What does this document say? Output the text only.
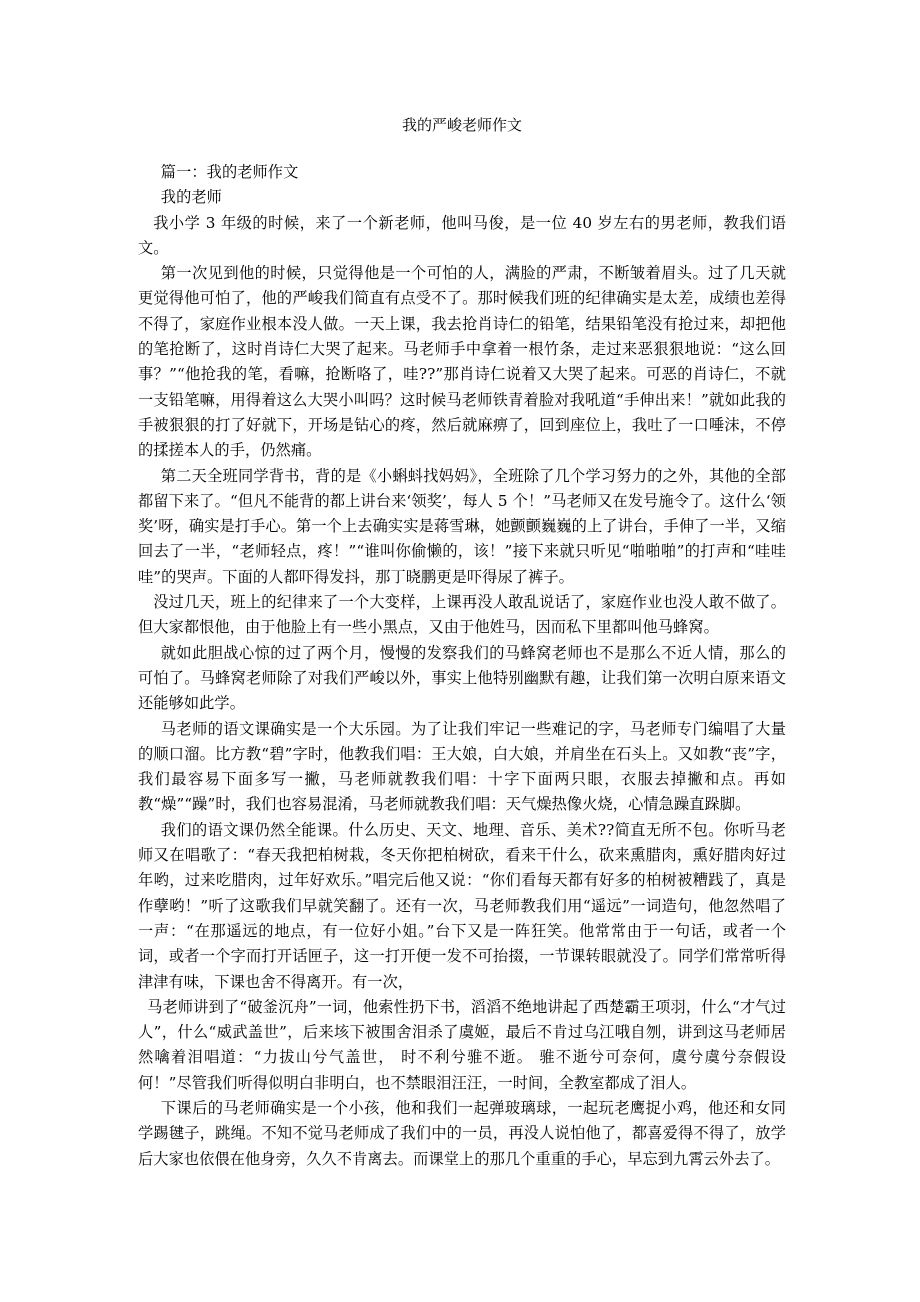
我的严峻老师作文

篇一：我的老师作文

我的老师

我小学 3 年级的时候，来了一个新老师，他叫马俊，是一位 40 岁左右的男老师，教我们语文。

第一次见到他的时候，只觉得他是一个可怕的人，满脸的严肃，不断皱着眉头。过了几天就更觉得他可怕了，他的严峻我们简直有点受不了。那时候我们班的纪律确实是太差，成绩也差得不得了，家庭作业根本没人做。一天上课，我去抢肖诗仁的铅笔，结果铅笔没有抢过来，却把他的笔抢断了，这时肖诗仁大哭了起来。马老师手中拿着一根竹条，走过来恶狠狠地说：“这么回事？”“他抢我的笔，看嘛，抢断咯了，哇??”那肖诗仁说着又大哭了起来。可恶的肖诗仁，不就一支铅笔嘛，用得着这么大哭小叫吗？这时候马老师铁青着脸对我吼道“手伸出来！”就如此我的手被狠狠的打了好就下，开场是钻心的疼，然后就麻痹了，回到座位上，我吐了一口唾沫，不停的揉搓本人的手，仍然痛。

第二天全班同学背书，背的是《小蝌蚪找妈妈》，全班除了几个学习努力的之外，其他的全部都留下来了。“但凡不能背的都上讲台来‘领奖’，每人 5 个！”马老师又在发号施令了。这什么‘领奖’呀，确实是打手心。第一个上去确实实是蒋雪琳，她颤颤巍巍的上了讲台，手伸了一半，又缩回去了一半，“老师轻点，疼！”“谁叫你偷懒的，该！”接下来就只听见“啪啪啪”的打声和“哇哇哇”的哭声。下面的人都吓得发抖，那丁晓鹏更是吓得尿了裤子。

没过几天，班上的纪律来了一个大变样，上课再没人敢乱说话了，家庭作业也没人敢不做了。但大家都恨他，由于他脸上有一些小黑点，又由于他姓马，因而私下里都叫他马蜂窝。

就如此胆战心惊的过了两个月，慢慢的发察我们的马蜂窝老师也不是那么不近人情，那么的可怕了。马蜂窝老师除了对我们严峻以外，事实上他特别幽默有趣，让我们第一次明白原来语文还能够如此学。

马老师的语文课确实是一个大乐园。为了让我们牢记一些难记的字，马老师专门编唱了大量的顺口溜。比方教“碧”字时，他教我们唱：王大娘，白大娘，并肩坐在石头上。又如教“丧”字，我们最容易下面多写一撇，马老师就教我们唱：十字下面两只眼，衣服去掉撇和点。再如教“燥”“躁”时，我们也容易混淆，马老师就教我们唱：天气燥热像火烧，心情急躁直跺脚。

我们的语文课仍然全能课。什么历史、天文、地理、音乐、美术??简直无所不包。你听马老师又在唱歌了：“春天我把柏树栽，冬天你把柏树砍，看来干什么，砍来熏腊肉，熏好腊肉好过年哟，过来吃腊肉，过年好欢乐。”唱完后他又说：“你们看每天都有好多的柏树被糟践了，真是作孽哟！”听了这歌我们早就笑翻了。还有一次，马老师教我们用“遥远”一词造句，他忽然唱了一声：“在那遥远的地点，有一位好小姐。”台下又是一阵狂笑。他常常由于一句话，或者一个词，或者一个字而打开话匣子，这一打开便一发不可抬掇，一节课转眼就没了。同学们常常听得津津有味，下课也舍不得离开。有一次，

马老师讲到了“破釜沉舟”一词，他索性扔下书，滔滔不绝地讲起了西楚霸王项羽，什么“才气过人”，什么“威武盖世”，后来垓下被围舍泪杀了虞姬，最后不肯过乌江哦自刎，讲到这马老师居然噙着泪唱道：“力拔山兮气盖世， 时不利兮骓不逝。 骓不逝兮可奈何，虞兮虞兮奈假设何！”尽管我们听得似明白非明白，也不禁眼泪汪汪，一时间，全教室都成了泪人。

下课后的马老师确实是一个小孩，他和我们一起弹玻璃球，一起玩老鹰捉小鸡，他还和女同学踢毽子，跳绳。不知不觉马老师成了我们中的一员，再没人说怕他了，都喜爱得不得了，放学后大家也依偎在他身旁，久久不肯离去。而课堂上的那几个重重的手心，早忘到九霄云外去了。
